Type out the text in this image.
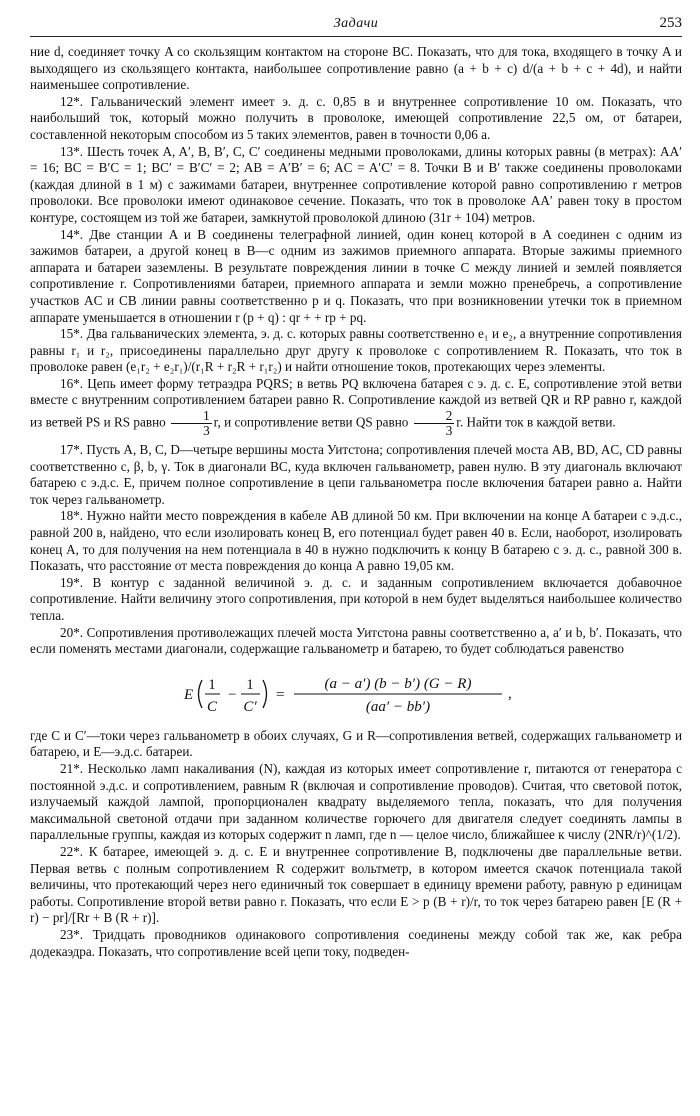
Задачи	253

ние d, соединяет точку A со скользящим контактом на стороне BC. Показать, что для тока, входящего в точку A и выходящего из скользящего контакта, наибольшее сопротивление равно (a + b + c) d/(a + b + c + 4d), и найти наименьшее сопротивление.

12*. Гальванический элемент имеет э. д. с. 0,85 в и внутреннее сопротивление 10 ом. Показать, что наибольший ток, который можно получить в проволоке, имеющей сопротивление 22,5 ом, от батареи, составленной некоторым способом из 5 таких элементов, равен в точности 0,06 а.

13*. Шесть точек A, A′, B, B′, C, C′ соединены медными проволоками, длины которых равны (в метрах): AA′ = 16; BC = B′C = 1; BC′ = B′C′ = 2; AB = A′B′ = 6; AC = A′C′ = 8. Точки B и B′ также соединены проволоками (каждая длиной в 1 м) с зажимами батареи, внутреннее сопротивление которой равно сопротивлению r метров проволоки. Все проволоки имеют одинаковое сечение. Показать, что ток в проволоке AA′ равен току в простом контуре, состоящем из той же батареи, замкнутой проволокой длиною (31r + 104) метров.

14*. Две станции A и B соединены телеграфной линией, один конец которой в A соединен с одним из зажимов батареи, а другой конец в B—с одним из зажимов приемного аппарата. Вторые зажимы приемного аппарата и батареи заземлены. В результате повреждения линии в точке C между линией и землей появляется сопротивление r. Сопротивлениями батареи, приемного аппарата и земли можно пренебречь, а сопротивление участков AC и CB линии равны соответственно p и q. Показать, что при возникновении утечки ток в приемном аппарате уменьшается в отношении r (p + q) : qr + + rp + pq.

15*. Два гальванических элемента, э. д. с. которых равны соответственно e₁ и e₂, а внутренние сопротивления равны r₁ и r₂, присоединены параллельно друг другу к проволоке с сопротивлением R. Показать, что ток в проволоке равен (e₁r₂ + e₂r₁)/(r₁R + r₂R + r₁r₂) и найти отношение токов, протекающих через элементы.

16*. Цепь имеет форму тетраэдра PQRS; в ветвь PQ включена батарея с э. д. с. E, сопротивление этой ветви вместе с внутренним сопротивлением батареи равно R. Сопротивление каждой из ветвей QR и RP равно r, каждой из ветвей PS и RS равно $\frac{1}{3} r$, и сопротивление ветви QS равно $\frac{2}{3} r$. Найти ток в каждой ветви.

17*. Пусть A, B, C, D—четыре вершины моста Уитстона; сопротивления плечей моста AB, BD, AC, CD равны соответственно c, β, b, γ. Ток в диагонали BC, куда включен гальванометр, равен нулю. В эту диагональ включают батарею с э.д.с. E, причем полное сопротивление в цепи гальванометра после включения батареи равно a. Найти ток через гальванометр.

18*. Нужно найти место повреждения в кабеле AB длиной 50 км. При включении на конце A батареи с э.д.с., равной 200 в, найдено, что если изолировать конец B, его потенциал будет равен 40 в. Если, наоборот, изолировать конец A, то для получения на нем потенциала в 40 в нужно подключить к концу B батарею с э. д. с., равной 300 в. Показать, что расстояние от места повреждения до конца A равно 19,05 км.

19*. В контур с заданной величиной э. д. с. и заданным сопротивлением включается добавочное сопротивление. Найти величину этого сопротивления, при которой в нем будет выделяться наибольшее количество тепла.

20*. Сопротивления противолежащих плечей моста Уитстона равны соответственно a, a′ и b, b′. Показать, что если поменять местами диагонали, содержащие гальванометр и батарею, то будет соблюдаться равенство

E
1
C
−
1
C′
=
(a − a′) (b − b′) (G − R)
(aa′ − bb′)
,

где C и C′—токи через гальванометр в обоих случаях, G и R—сопротивления ветвей, содержащих гальванометр и батарею, и E—э.д.с. батареи.

21*. Несколько ламп накаливания (N), каждая из которых имеет сопротивление r, питаются от генератора с постоянной э.д.с. и сопротивлением, равным R (включая и сопротивление проводов). Считая, что световой поток, излучаемый каждой лампой, пропорционален квадрату выделяемого тепла, показать, что для получения максимальной светоной отдачи при заданном количестве горючего для двигателя следует соединять лампы в параллельные группы, каждая из которых содержит n ламп, где n — целое число, ближайшее к числу (2NR/r)^(1/2).

22*. К батарее, имеющей э. д. с. E и внутреннее сопротивление B, подключены две параллельные ветви. Первая ветвь с полным сопротивлением R содержит вольтметр, в котором имеется скачок потенциала такой величины, что протекающий через него единичный ток совершает в единицу времени работу, равную p единицам работы. Сопротивление второй ветви равно r. Показать, что если E > p (B + r)/r, то ток через батарею равен [E (R + r) − pr]/[Rr + B (R + r)].

23*. Тридцать проводников одинакового сопротивления соединены между собой так же, как ребра додекаэдра. Показать, что сопротивление всей цепи току, подведен-
